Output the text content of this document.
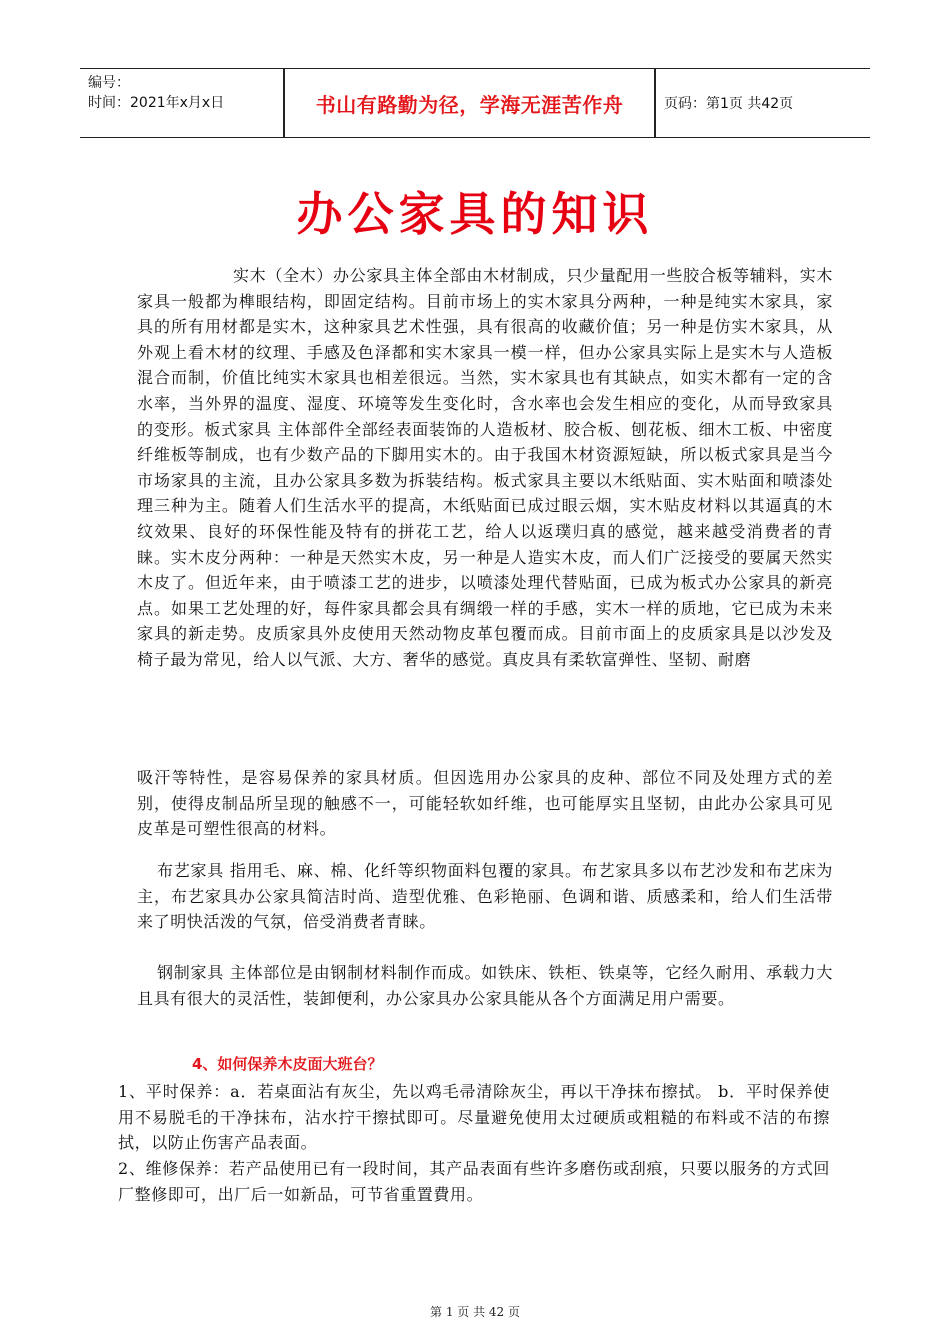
编号：
时间：2021年x月x日	书山有路勤为径，学海无涯苦作舟	页码：第1页 共42页
办公家具的知识
实木（全木）办公家具主体全部由木材制成，只少量配用一些胶合板等辅料，实木家具一般都为榫眼结构，即固定结构。目前市场上的实木家具分两种，一种是纯实木家具，家具的所有用材都是实木，这种家具艺术性强，具有很高的收藏价值；另一种是仿实木家具，从外观上看木材的纹理、手感及色泽都和实木家具一模一样，但办公家具实际上是实木与人造板混合而制，价值比纯实木家具也相差很远。当然，实木家具也有其缺点，如实木都有一定的含水率，当外界的温度、湿度、环境等发生变化时，含水率也会发生相应的变化，从而导致家具的变形。板式家具 主体部件全部经表面装饰的人造板材、胶合板、刨花板、细木工板、中密度纤维板等制成，也有少数产品的下脚用实木的。由于我国木材资源短缺，所以板式家具是当今市场家具的主流，且办公家具多数为拆装结构。板式家具主要以木纸贴面、实木贴面和喷漆处理三种为主。随着人们生活水平的提高，木纸贴面已成过眼云烟，实木贴皮材料以其逼真的木纹效果、良好的环保性能及特有的拼花工艺，给人以返璞归真的感觉，越来越受消费者的青睐。实木皮分两种：一种是天然实木皮，另一种是人造实木皮，而人们广泛接受的要属天然实木皮了。但近年来，由于喷漆工艺的进步，以喷漆处理代替贴面，已成为板式办公家具的新亮点。如果工艺处理的好，每件家具都会具有绸缎一样的手感，实木一样的质地，它已成为未来家具的新走势。皮质家具外皮使用天然动物皮革包覆而成。目前市面上的皮质家具是以沙发及椅子最为常见，给人以气派、大方、奢华的感觉。真皮具有柔软富弹性、坚韧、耐磨
吸汗等特性，是容易保养的家具材质。但因选用办公家具的皮种、部位不同及处理方式的差别，使得皮制品所呈现的触感不一，可能轻软如纤维，也可能厚实且坚韧，由此办公家具可见皮革是可塑性很高的材料。
布艺家具 指用毛、麻、棉、化纤等织物面料包覆的家具。布艺家具多以布艺沙发和布艺床为主，布艺家具办公家具简洁时尚、造型优雅、色彩艳丽、色调和谐、质感柔和，给人们生活带来了明快活泼的气氛，倍受消费者青睐。
钢制家具 主体部位是由钢制材料制作而成。如铁床、铁柜、铁桌等，它经久耐用、承载力大且具有很大的灵活性，装卸便利，办公家具办公家具能从各个方面满足用户需要。
4、如何保养木皮面大班台？
1、平时保养：a．若桌面沾有灰尘，先以鸡毛帚清除灰尘，再以干净抹布擦拭。 b．平时保养使用不易脱毛的干净抹布，沾水拧干擦拭即可。尽量避免使用太过硬质或粗糙的布料或不洁的布擦拭，以防止伤害产品表面。
2、维修保养：若产品使用已有一段时间，其产品表面有些许多磨伤或刮痕，只要以服务的方式回厂整修即可，出厂后一如新品，可节省重置費用。
第 1 页 共 42 页
